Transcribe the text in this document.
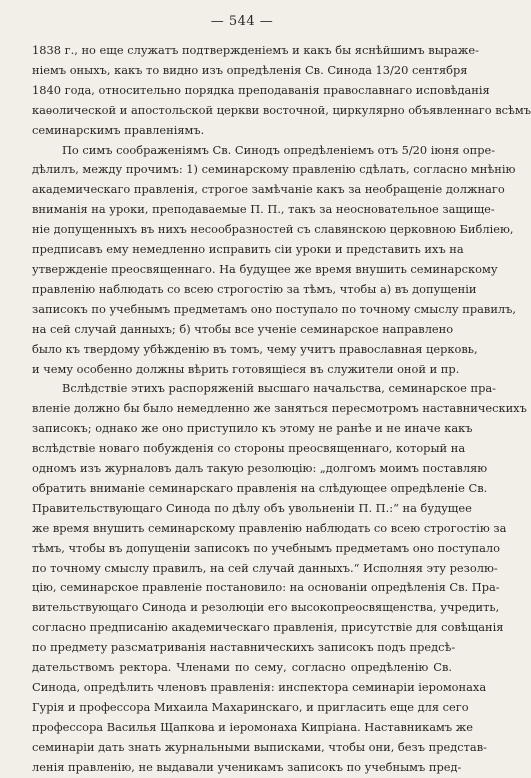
— 544 —
1838 г., но еще служатъ подтвержденіемъ и какъ бы яснѣйшимъ выраже-
ніемъ оныхъ, какъ то видно изъ опредѣленія Св. Синода 13/20 сентября
1840 года, относительно порядка преподаванія православнаго исповѣданія
каѳолической и апостольской церкви восточной, циркулярно объявленнаго всѣмъ
семинарскимъ правленіямъ.
По симъ соображеніямъ Св. Синодъ опредѣленіемъ отъ 5/20 іюня опре-
дѣлилъ, между прочимъ: 1) семинарскому правленію сдѣлать, согласно мнѣнію
академическаго правленія, строгое замѣчаніе какъ за необращеніе должнаго
вниманія на уроки, преподаваемые П. П., такъ за неосновательное защище-
ніе допущенныхъ въ нихъ несообразностей съ славянскою церковною Библіею,
предписавъ ему немедленно исправить сіи уроки и представить ихъ на
утвержденіе преосвященнаго. На будущее же время внушить семинарскому
правленію наблюдать со всею строгостію за тѣмъ, чтобы а) въ допущеніи
записокъ по учебнымъ предметамъ оно поступало по точному смыслу правилъ,
на сей случай данныхъ; б) чтобы все ученіе семинарское направлено
было къ твердому убѣжденію въ томъ, чему учитъ православная церковь,
и чему особенно должны вѣрить готовящіеся въ служители оной и пр.
Вслѣдствіе этихъ распоряженій высшаго начальства, семинарское пра-
вленіе должно бы было немедленно же заняться пересмотромъ наставническихъ
записокъ; однако же оно приступило къ этому не ранѣе и не иначе какъ
вслѣдствіе новаго побужденія со стороны преосвященнаго, который на
одномъ изъ журналовъ далъ такую резолюцію: „долгомъ моимъ поставляю
обратить вниманіе семинарскаго правленія на слѣдующее опредѣленіе Св.
Правительствующаго Синода по дѣлу объ увольненіи П. П.:“ на будущее
же время внушить семинарскому правленію наблюдать со всею строгостію за
тѣмъ, чтобы въ допущеніи записокъ по учебнымъ предметамъ оно поступало
по точному смыслу правилъ, на сей случай данныхъ.“ Исполняя эту резолю-
цію, семинарское правленіе постановило: на основаніи опредѣленія Св. Пра-
вительствующаго Синода и резолюціи его высокопреосвященства, учредить,
согласно предписанію академическаго правленія, присутствіе для совѣщанія
по предмету разсматриванія наставническихъ записокъ подъ предсѣ-
дательствомъ ректора. Членами по сему, согласно опредѣленію Св.
Синода, опредѣлить членовъ правленія: инспектора семинаріи іеромонаха
Гурія и профессора Михаила Махаринскаго, и пригласить еще для сего
профессора Василья Щапкова и іеромонаха Кипріана. Наставникамъ же
семинаріи дать знать журнальными выписками, чтобы они, безъ представ-
ленія правленію, не выдавали ученикамъ записокъ по учебнымъ пред-
